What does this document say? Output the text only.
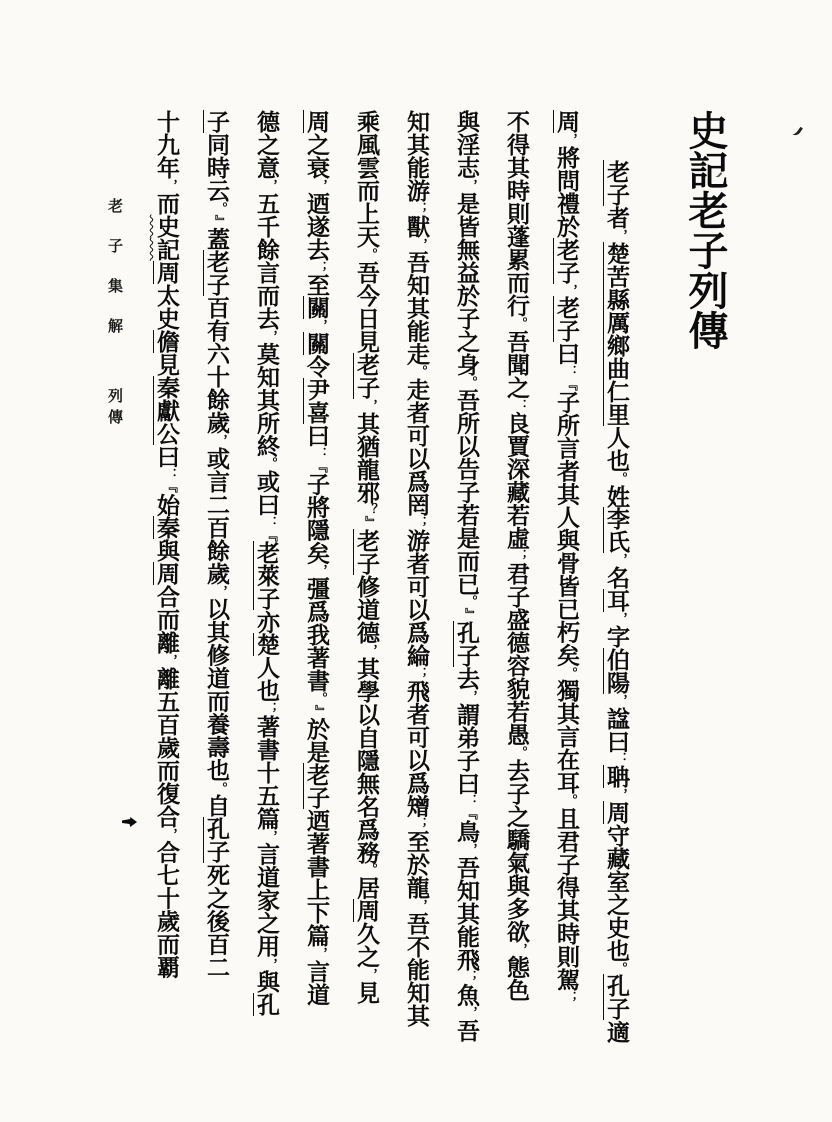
史記老子列傳
老子者，楚苦縣厲鄉曲仁里人也。姓李氏，名耳，字伯陽，諡曰：聃，周守藏室之史也。孔子適
周，將問禮於老子，老子曰：『子所言者其人與骨皆已朽矣。獨其言在耳。且君子得其時則駕；
不得其時則蓬累而行。吾聞之：良賈深藏若虛；君子盛德容貌若愚。去子之驕氣與多欲，態色
與淫志，是皆無益於子之身。吾所以告子若是而已。』孔子去，謂弟子曰：『鳥，吾知其能飛；魚，吾
知其能游；獸，吾知其能走。走者可以爲罔；游者可以爲綸；飛者可以爲矰；至於龍，吾不能知其
乘風雲而上天。吾今日見老子，其猶龍邪？』老子修道德，其學以自隱無名爲務。居周久之，見
周之衰，迺遂去；至關，關令尹喜曰：『子將隱矣，彊爲我著書。』於是老子迺著書上下篇，言道
德之意，五千餘言而去，莫知其所終。或曰：『老萊子亦楚人也；著書十五篇，言道家之用，與孔
子同時云。』蓋老子百有六十餘歲，或言二百餘歲，以其修道而養壽也。自孔子死之後百二
十九年，而史記周太史儋見秦獻公曰：『始秦與周合而離，離五百歲而復合，合七十歲而覇
老子集解 列傳
